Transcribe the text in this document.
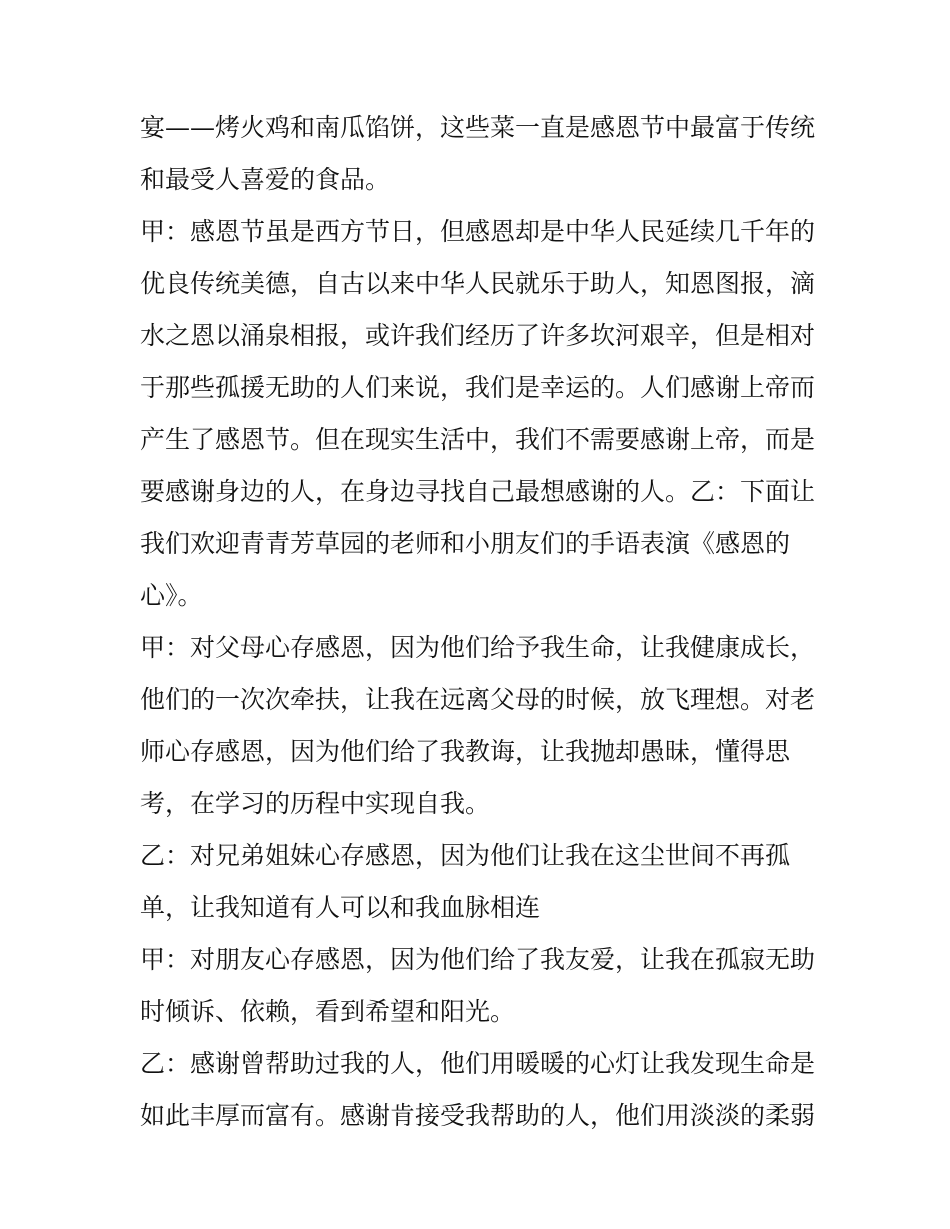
宴——烤火鸡和南瓜馅饼，这些菜一直是感恩节中最富于传统
和最受人喜爱的食品。
甲：感恩节虽是西方节日，但感恩却是中华人民延续几千年的
优良传统美德，自古以来中华人民就乐于助人，知恩图报，滴
水之恩以涌泉相报，或许我们经历了许多坎河艰辛，但是相对
于那些孤援无助的人们来说，我们是幸运的。人们感谢上帝而
产生了感恩节。但在现实生活中，我们不需要感谢上帝，而是
要感谢身边的人，在身边寻找自己最想感谢的人。乙：下面让
我们欢迎青青芳草园的老师和小朋友们的手语表演《感恩的
心》。
甲：对父母心存感恩，因为他们给予我生命，让我健康成长，
他们的一次次牵扶，让我在远离父母的时候，放飞理想。对老
师心存感恩，因为他们给了我教诲，让我抛却愚昧，懂得思
考，在学习的历程中实现自我。
乙：对兄弟姐妹心存感恩，因为他们让我在这尘世间不再孤
单，让我知道有人可以和我血脉相连
甲：对朋友心存感恩，因为他们给了我友爱，让我在孤寂无助
时倾诉、依赖，看到希望和阳光。
乙：感谢曾帮助过我的人，他们用暖暖的心灯让我发现生命是
如此丰厚而富有。感谢肯接受我帮助的人，他们用淡淡的柔弱
